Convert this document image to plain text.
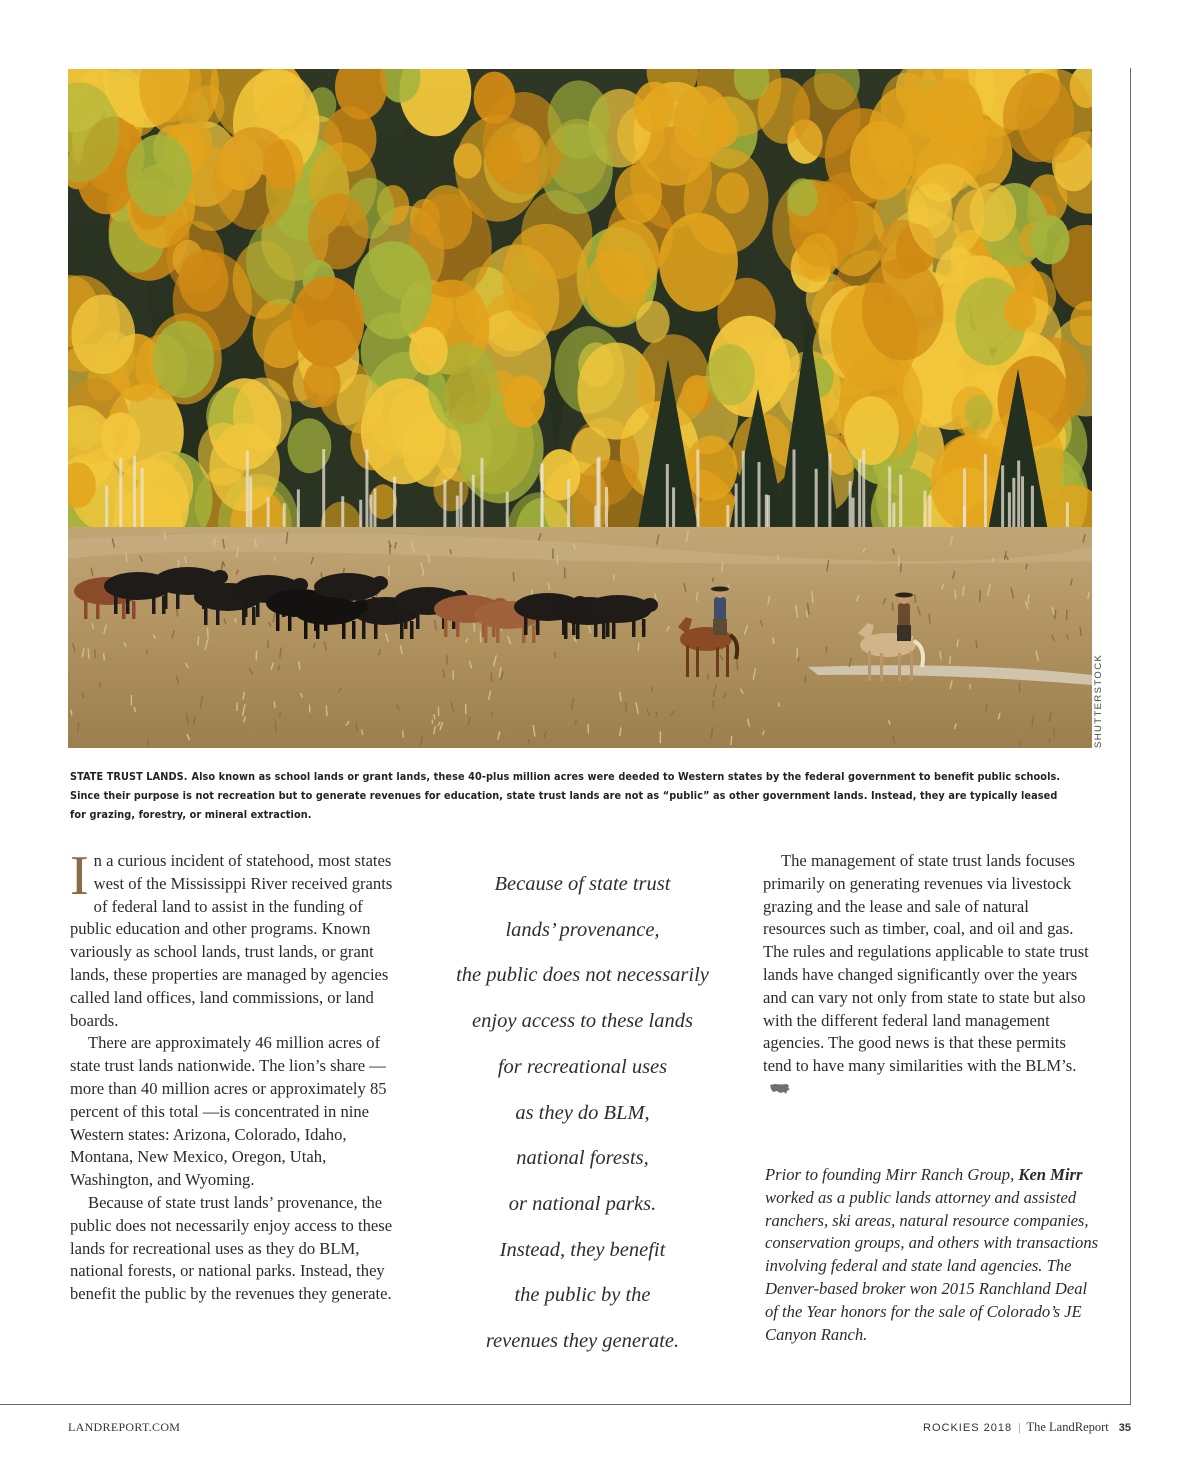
SHUTTERSTOCK
STATE TRUST LANDS. Also known as school lands or grant lands, these 40-plus million acres were deeded to Western states by the federal government to benefit public schools. Since their purpose is not recreation but to generate revenues for education, state trust lands are not as “public” as other government lands. Instead, they are typically leased for grazing, forestry, or mineral extraction.

In a curious incident of statehood, most states west of the Mississippi River received grants of federal land to assist in the funding of public education and other programs. Known variously as school lands, trust lands, or grant lands, these properties are managed by agencies called land offices, land commissions, or land boards.

There are approximately 46 million acres of state trust lands nationwide. The lion’s share — more than 40 million acres or approximately 85 percent of this total —is concentrated in nine Western states: Arizona, Colorado, Idaho, Montana, New Mexico, Oregon, Utah, Washington, and Wyoming.

Because of state trust lands’ provenance, the public does not necessarily enjoy access to these lands for recreational uses as they do BLM, national forests, or national parks. Instead, they benefit the public by the revenues they generate.

Because of state trust
lands’ provenance,
the public does not necessarily
enjoy access to these lands
for recreational uses
as they do BLM,
national forests,
or national parks.
Instead, they benefit
the public by the
revenues they generate.

The management of state trust lands focuses primarily on generating revenues via livestock grazing and the lease and sale of natural resources such as timber, coal, and oil and gas. The rules and regulations applicable to state trust lands have changed significantly over the years and can vary not only from state to state but also with the different federal land management agencies. The good news is that these permits tend to have many similarities with the BLM’s.

Prior to founding Mirr Ranch Group, Ken Mirr worked as a public lands attorney and assisted ranchers, ski areas, natural resource companies, conservation groups, and others with transactions involving federal and state land agencies. The Denver-based broker won 2015 Ranchland Deal of the Year honors for the sale of Colorado’s JE Canyon Ranch.
LANDREPORT.COM	ROCKIES 2018 | The LandReport 35
